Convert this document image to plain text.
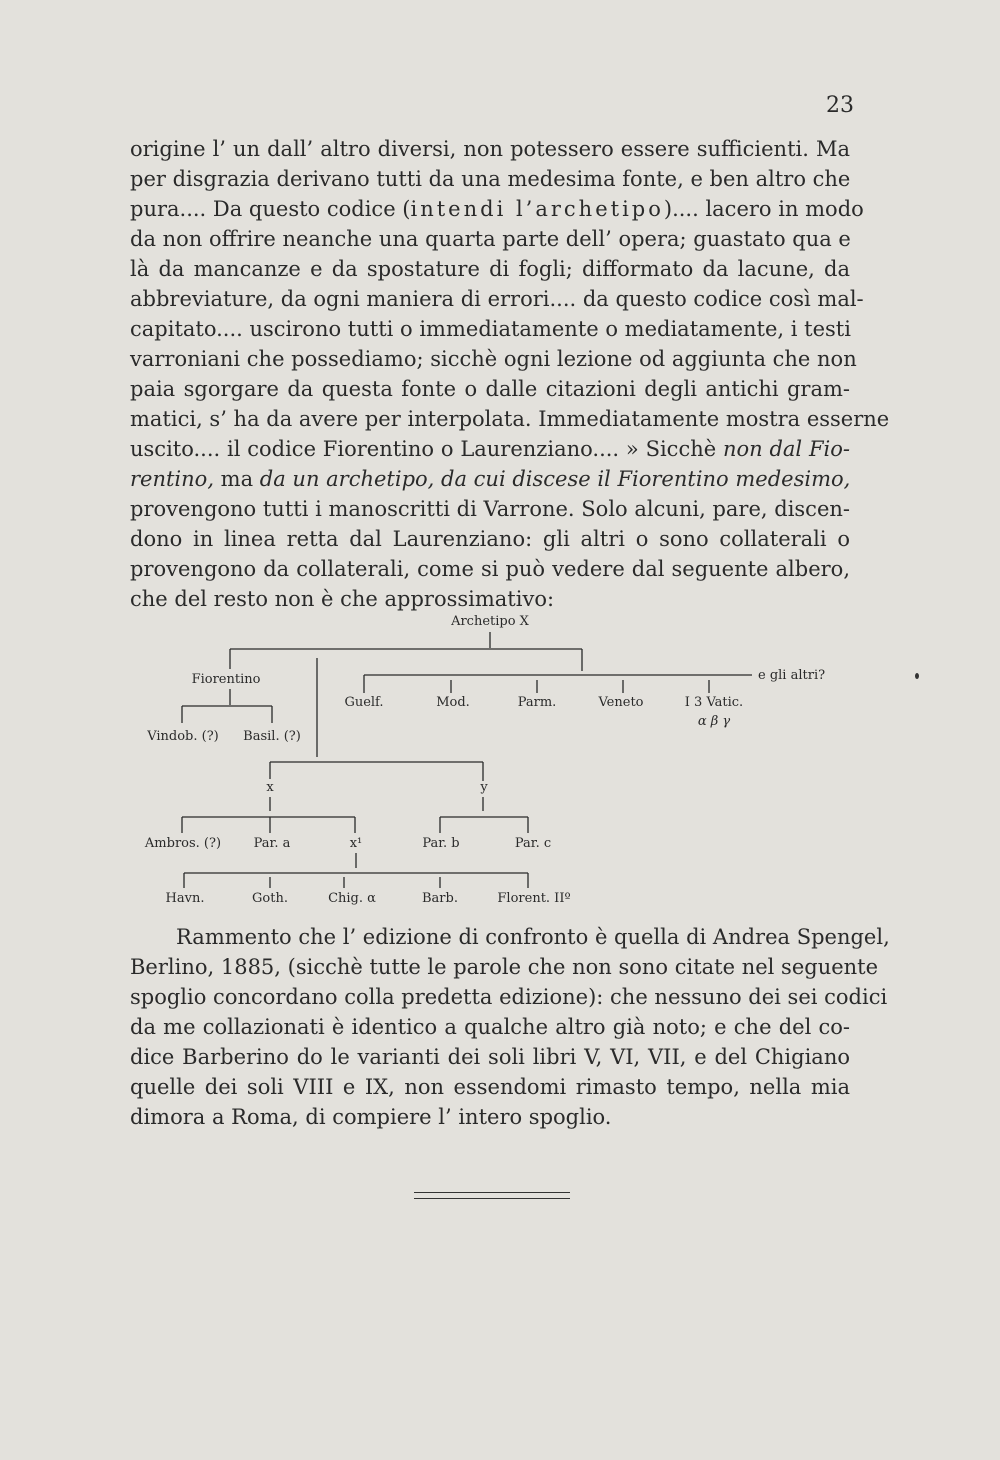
23
origine l’ un dall’ altro diversi, non potessero essere sufficienti. Ma
per disgrazia derivano tutti da una medesima fonte, e ben altro che
pura.... Da questo codice (intendi l’archetipo).... lacero in modo
da non offrire neanche una quarta parte dell’ opera; guastato qua e
là da mancanze e da spostature di fogli; difformato da lacune, da
abbreviature, da ogni maniera di errori.... da questo codice così mal-
capitato.... uscirono tutti o immediatamente o mediatamente, i testi
varroniani che possediamo; sicchè ogni lezione od aggiunta che non
paia sgorgare da questa fonte o dalle citazioni degli antichi gram-
matici, s’ ha da avere per interpolata. Immediatamente mostra esserne
uscito.... il codice Fiorentino o Laurenziano.... » Sicchè non dal Fio-
rentino, ma da un archetipo, da cui discese il Fiorentino medesimo,
provengono tutti i manoscritti di Varrone. Solo alcuni, pare, discen-
dono in linea retta dal Laurenziano: gli altri o sono collaterali o
provengono da collaterali, come si può vedere dal seguente albero,
che del resto non è che approssimativo:
Archetipo X
Fiorentino
Vindob. (?) Basil. (?)
e gli altri?
Guelf.	Mod.	Parm.	Veneto	I 3 Vatic.
α β γ
x	y
Ambros. (?)	Par. a	x¹	Par. b	Par. c
Havn.	Goth.	Chig. α	Barb.	Florent. IIº
Rammento che l’ edizione di confronto è quella di Andrea Spengel,
Berlino, 1885, (sicchè tutte le parole che non sono citate nel seguente
spoglio concordano colla predetta edizione): che nessuno dei sei codici
da me collazionati è identico a qualche altro già noto; e che del co-
dice Barberino do le varianti dei soli libri V, VI, VII, e del Chigiano
quelle dei soli VIII e IX, non essendomi rimasto tempo, nella mia
dimora a Roma, di compiere l’ intero spoglio.
